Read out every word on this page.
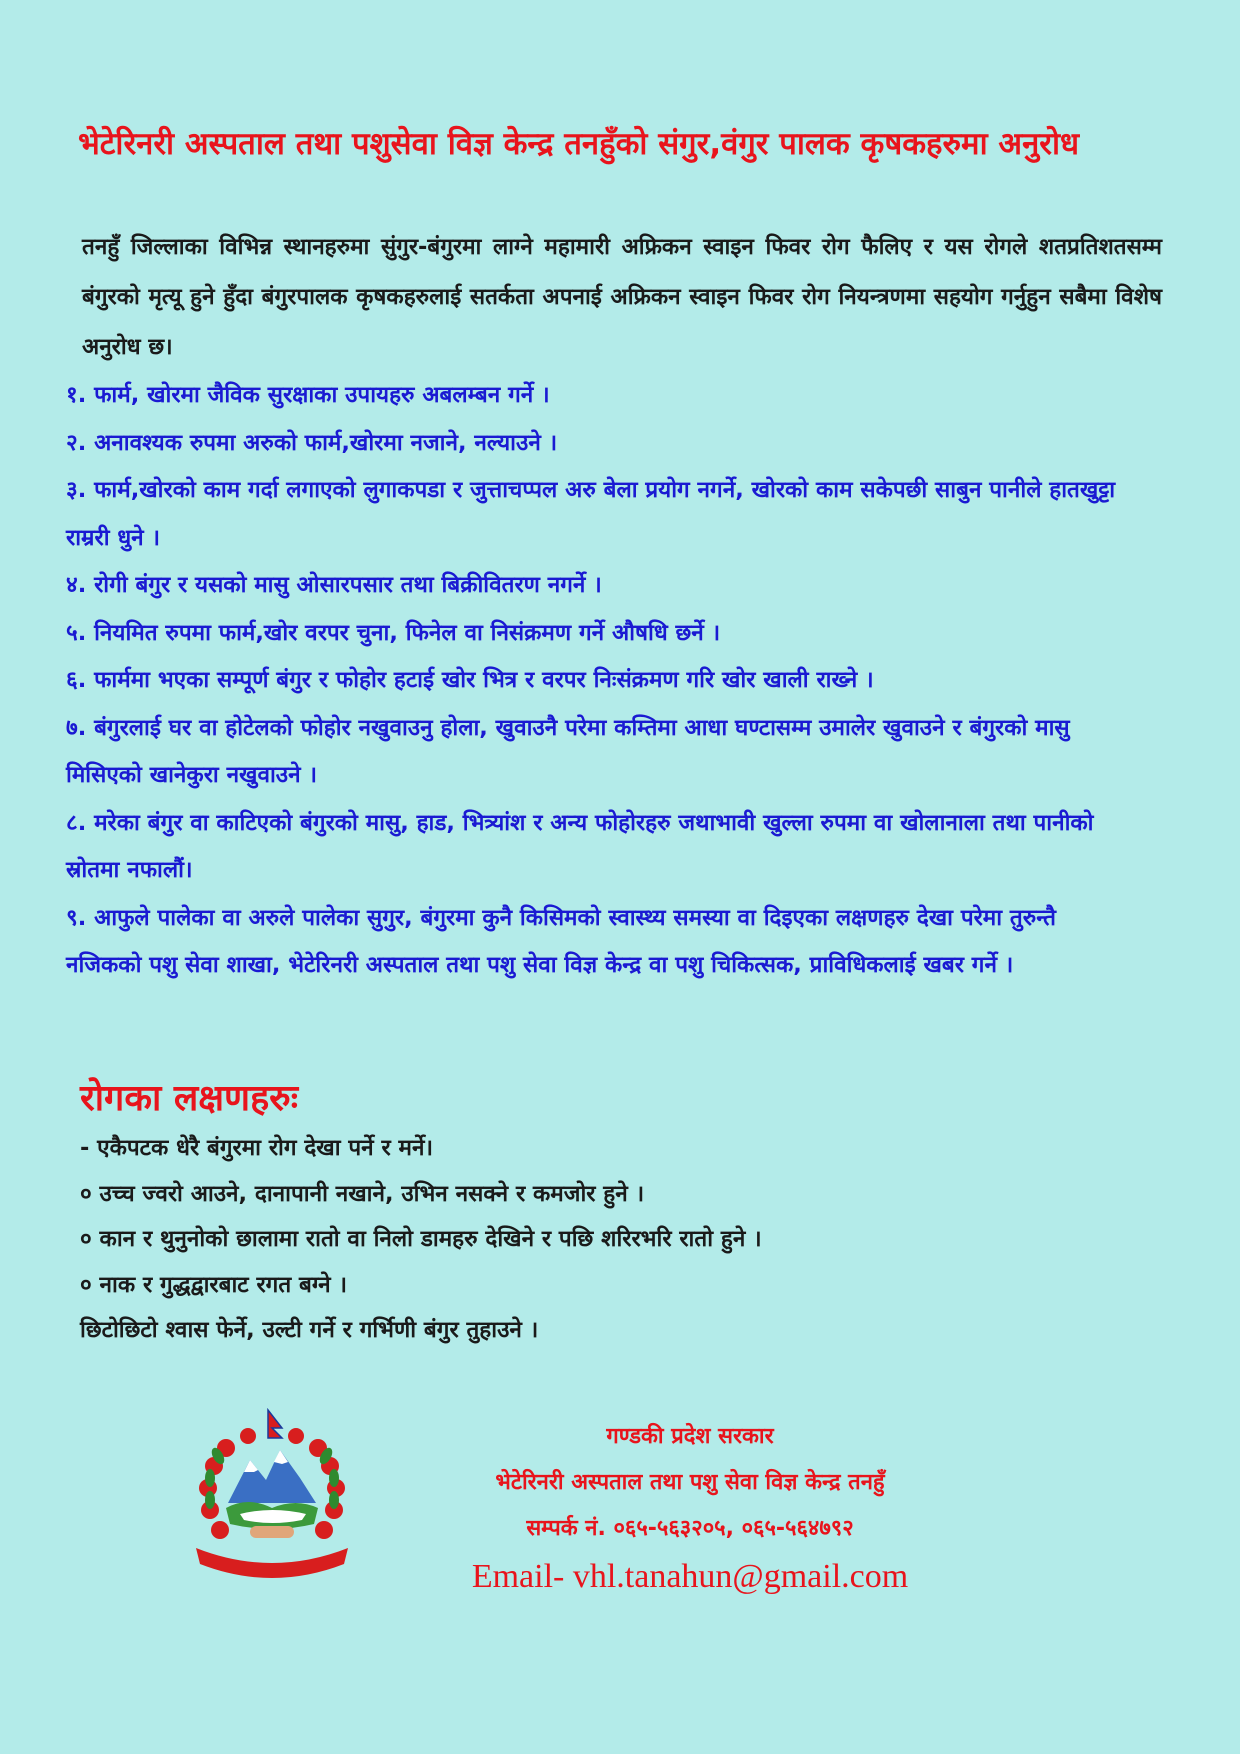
भेटेरिनरी अस्पताल तथा पशुसेवा विज्ञ केन्द्र तनहुँको संगुर,वंगुर पालक कृषकहरुमा अनुरोध
तनहुँ जिल्लाका विभिन्न स्थानहरुमा सुंगुर-बंगुरमा लाग्ने महामारी अफ्रिकन स्वाइन फिवर रोग फैलिए र यस रोगले शतप्रतिशतसम्म बंगुरको मृत्यू हुने हुँदा बंगुरपालक कृषकहरुलाई सतर्कता अपनाई अफ्रिकन स्वाइन फिवर रोग नियन्त्रणमा सहयोग गर्नुहुन सबैमा विशेष अनुरोध छ।

१. फार्म, खोरमा जैविक सुरक्षाका उपायहरु अबलम्बन गर्ने ।

२. अनावश्यक रुपमा अरुको फार्म,खोरमा नजाने, नल्याउने ।

३. फार्म,खोरको काम गर्दा लगाएको लुगाकपडा र जुत्ताचप्पल अरु बेला प्रयोग नगर्ने, खोरको काम सकेपछी साबुन पानीले हातखुट्टा राम्ररी धुने ।

४. रोगी बंगुर र यसको मासु ओसारपसार तथा बिक्रीवितरण नगर्ने ।

५. नियमित रुपमा फार्म,खोर वरपर चुना, फिनेल वा निसंक्रमण गर्ने औषधि छर्ने ।

६. फार्ममा भएका सम्पूर्ण बंगुर र फोहोर हटाई खोर भित्र र वरपर निःसंक्रमण गरि खोर खाली राख्ने ।

७. बंगुरलाई घर वा होटेलको फोहोर नखुवाउनु होला, खुवाउनै परेमा कम्तिमा आधा घण्टासम्म उमालेर खुवाउने र बंगुरको मासु मिसिएको खानेकुरा नखुवाउने ।

८. मरेका बंगुर वा काटिएको बंगुरको मासु, हाड, भित्र्यांश र अन्य फोहोरहरु जथाभावी खुल्ला रुपमा वा खोलानाला तथा पानीको स्रोतमा नफालौं।

९. आफुले पालेका वा अरुले पालेका सुगुर, बंगुरमा कुनै किसिमको स्वास्थ्य समस्या वा दिइएका लक्षणहरु देखा परेमा तुरुन्तै नजिकको पशु सेवा शाखा, भेटेरिनरी अस्पताल तथा पशु सेवा विज्ञ केन्द्र वा पशु चिकित्सक, प्राविधिकलाई खबर गर्ने ।

रोगका लक्षणहरुः
- एकैपटक धेरै बंगुरमा रोग देखा पर्ने र मर्ने।
० उच्च ज्वरो आउने, दानापानी नखाने, उभिन नसक्ने र कमजोर हुने ।
० कान र थुनुनोको छालामा रातो वा निलो डामहरु देखिने र पछि शरिरभरि रातो हुने ।
० नाक र गुद्धद्वारबाट रगत बग्ने ।
छिटोछिटो श्वास फेर्ने, उल्टी गर्ने र गर्भिणी बंगुर तुहाउने ।
गण्डकी प्रदेश सरकार
भेटेरिनरी अस्पताल तथा पशु सेवा विज्ञ केन्द्र तनहुँ
सम्पर्क नं. ०६५-५६३२०५, ०६५-५६४७९२
Email- vhl.tanahun@gmail.com
